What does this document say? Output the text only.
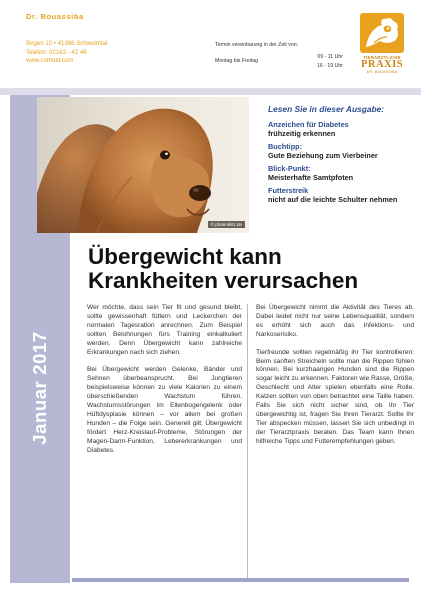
Dr. Bouassiba
Birgen 10 • 41366 Schwalmtal
Telefon: 02163 - 42 46
www.cothold.com
Termin vereinbarung in der Zeit von:
Montag bis Freitag
09 - 11 Uhr
16 - 19 Uhr
TIERÄRZTLICHE
PRAXIS
DR. BOUASSIBA
Januar 2017
© pfotenblitz.de
Lesen Sie in dieser Ausgabe:
Anzeichen für Diabetes
frühzeitig erkennen
Buchtipp:
Gute Beziehung zum Vierbeiner
Blick-Punkt:
Meisterhafte Samtpfoten
Futterstreik
nicht auf die leichte Schulter nehmen
Übergewicht kann
Krankheiten verursachen

Wer möchte, dass sein Tier fit und gesund bleibt, sollte gewissenhaft füttern und Leckerchen der normalen Tagesration anrechnen. Zum Beispiel sollten Belohnungen fürs Training einkalkuliert werden. Denn Übergewicht kann zahlreiche Erkrankungen nach sich ziehen.

Bei Übergewicht werden Gelenke, Bänder und Sehnen überbeansprucht. Bei Jungtieren beispielsweise können zu viele Kalorien zu einem überschießenden Wachstum führen. Wachstumsstörungen im Ellenbogengelenk oder Hüftdysplasie können – vor allem bei großen Hunden – die Folge sein. Generell gilt: Übergewicht fördert Herz-Kreislauf-Probleme, Störungen der Magen-Darm-Funktion, Lebererkrankungen und Diabetes.

Bei Übergewicht nimmt die Aktivität des Tieres ab. Dabei leidet nicht nur seine Lebensqualität, sondern es erhöht sich auch das Infektions- und Narkoserisiko.

Tierfreunde sollten regelmäßig ihr Tier kontrollieren: Beim sanften Streicheln sollte man die Rippen fühlen können. Bei kurzhaarigen Hunden sind die Rippen sogar leicht zu erkennen. Faktoren wie Rasse, Größe, Geschlecht und Alter spielen ebenfalls eine Rolle. Katzen sollten von oben betrachtet eine Taille haben. Falls Sie sich nicht sicher sind, ob Ihr Tier übergewichtig ist, fragen Sie Ihren Tierarzt. Sollte Ihr Tier abspecken müssen, lassen Sie sich unbedingt in der Tierarztpraxis beraten. Das Team kann Ihnen hilfreiche Tipps und Futterempfehlungen geben.
